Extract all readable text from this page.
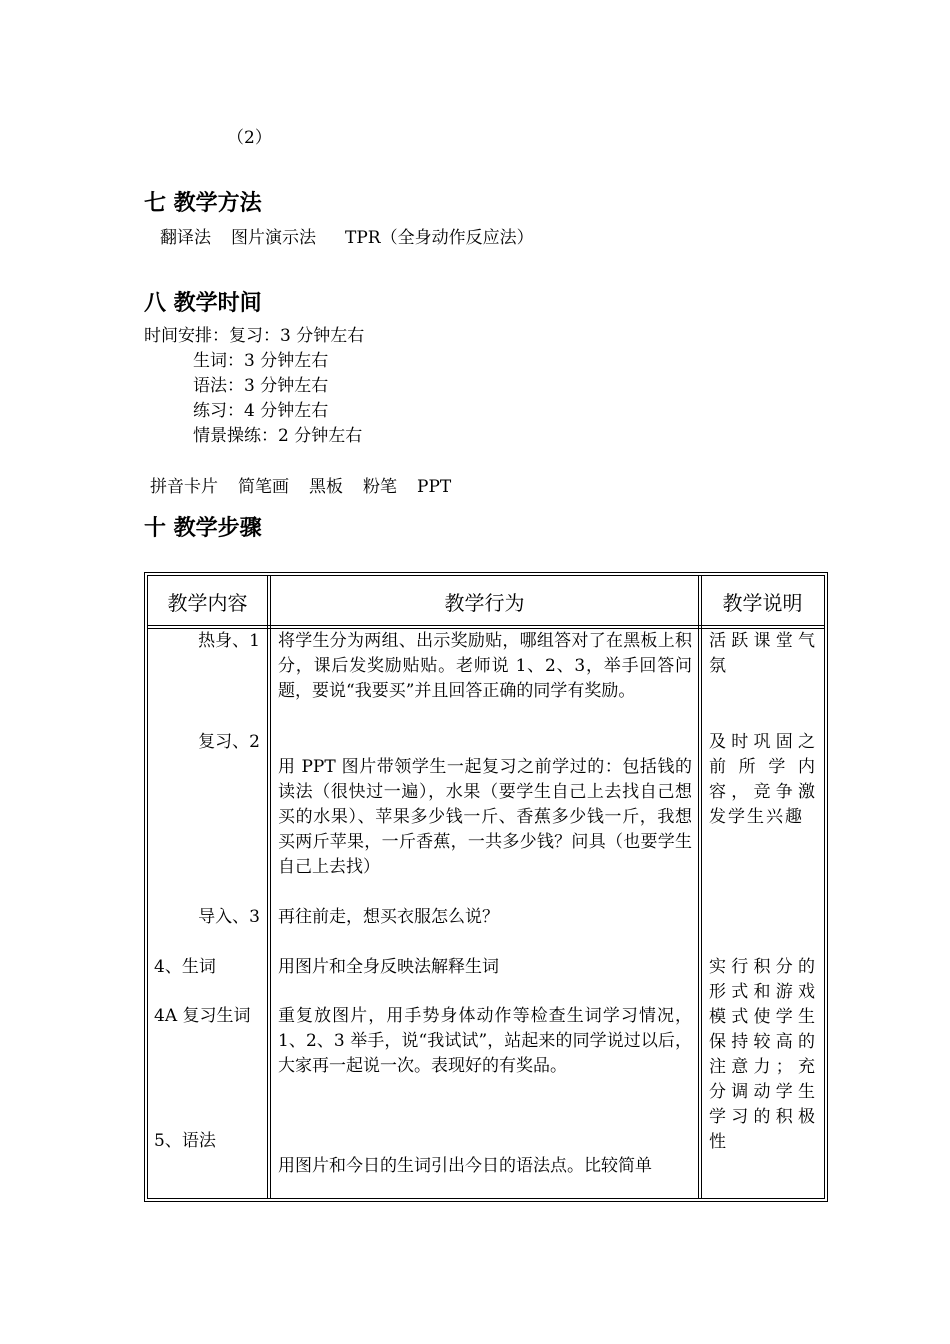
（2）
七 教学方法
翻译法 图片演示法 TPR（全身动作反应法）
八 教学时间
时间安排：复习：3 分钟左右
生词：3 分钟左右
语法：3 分钟左右
练习：4 分钟左右
情景操练：2 分钟左右
拼音卡片 简笔画 黑板 粉笔 PPT
十 教学步骤
教学内容	教学行为	教学说明
热身、1
复习、2
导入、3
4、生词
4A 复习生词
5、语法
将学生分为两组、出示奖励贴，哪组答对了在黑板上积分，课后发奖励贴贴。老师说 1、2、3，举手回答问题，要说“我要买”并且回答正确的同学有奖励。
用 PPT 图片带领学生一起复习之前学过的：包括钱的读法（很快过一遍），水果（要学生自己上去找自己想买的水果）、苹果多少钱一斤、香蕉多少钱一斤，我想买两斤苹果，一斤香蕉，一共多少钱？问具（也要学生自己上去找）
再往前走，想买衣服怎么说？
用图片和全身反映法解释生词
重复放图片，用手势身体动作等检查生词学习情况，1、2、3 举手，说“我试试”，站起来的同学说过以后，大家再一起说一次。表现好的有奖品。
用图片和今日的生词引出今日的语法点。比较简单
活跃课堂气氛
及时巩固之前所学内容，竞争激发学生兴趣
实行积分的形式和游戏模式使学生保持较高的注意力；充分调动学生学习的积极性
